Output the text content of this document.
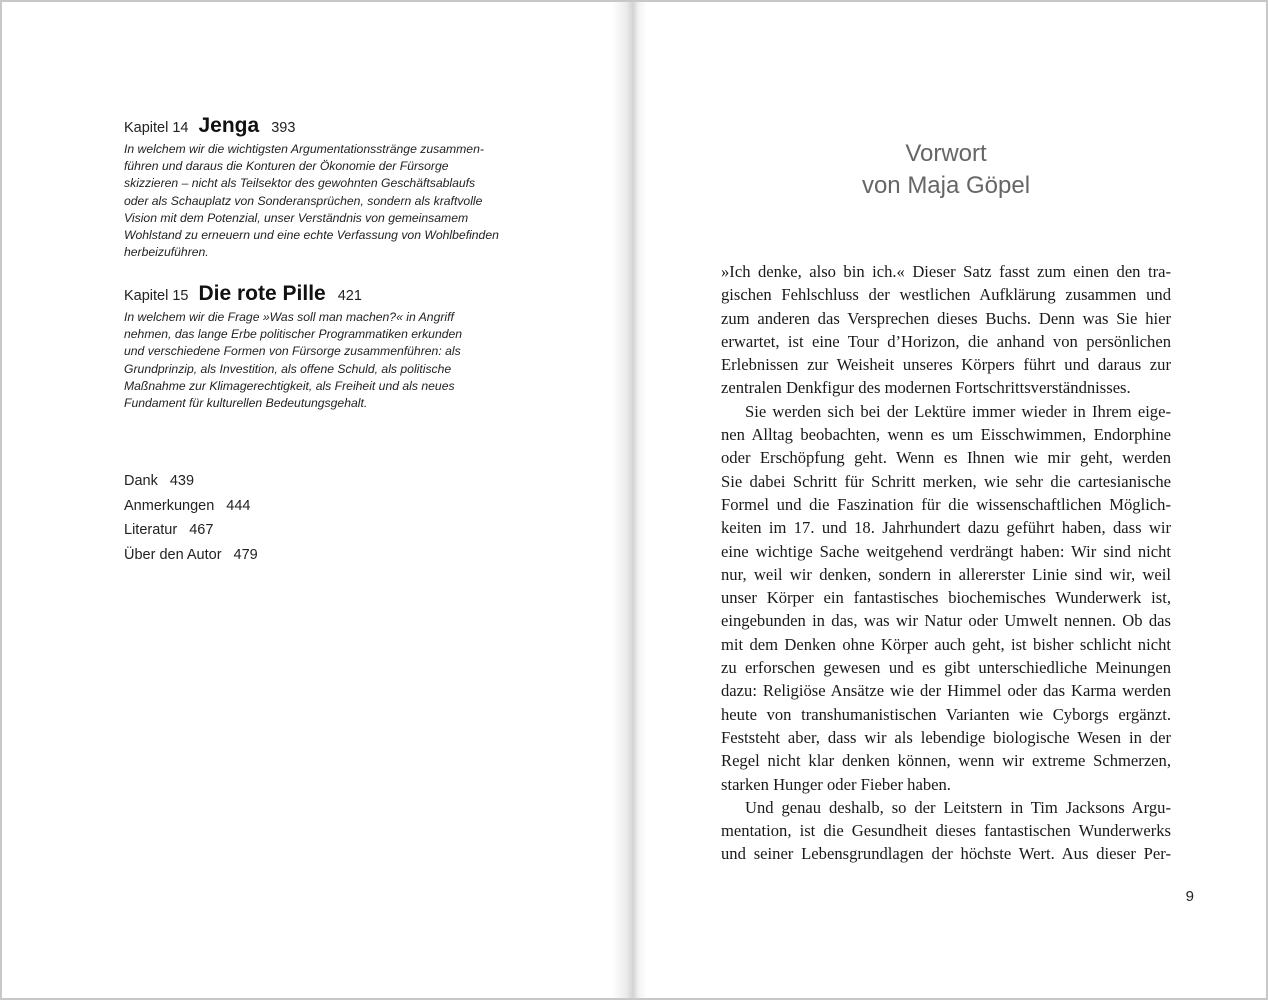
Kapitel 14 Jenga 393
In welchem wir die wichtigsten Argumentationsstränge zusammen-
führen und daraus die Konturen der Ökonomie der Fürsorge
skizzieren – nicht als Teilsektor des gewohnten Geschäftsablaufs
oder als Schauplatz von Sonderansprüchen, sondern als kraftvolle
Vision mit dem Potenzial, unser Verständnis von gemeinsamem
Wohlstand zu erneuern und eine echte Verfassung von Wohlbefinden
herbeizuführen.
Kapitel 15 Die rote Pille 421
In welchem wir die Frage »Was soll man machen?« in Angriff
nehmen, das lange Erbe politischer Programmatiken erkunden
und verschiedene Formen von Fürsorge zusammenführen: als
Grundprinzip, als Investition, als offene Schuld, als politische
Maßnahme zur Klimagerechtigkeit, als Freiheit und als neues
Fundament für kulturellen Bedeutungsgehalt.
Dank 439
Anmerkungen 444
Literatur 467
Über den Autor 479
Vorwort
von Maja Göpel
»Ich denke, also bin ich.« Dieser Satz fasst zum einen den tra-
gischen Fehlschluss der westlichen Aufklärung zusammen und
zum anderen das Versprechen dieses Buchs. Denn was Sie hier
erwartet, ist eine Tour d’Horizon, die anhand von persönlichen
Erlebnissen zur Weisheit unseres Körpers führt und daraus zur
zentralen Denkfigur des modernen Fortschrittsverständnisses.
Sie werden sich bei der Lektüre immer wieder in Ihrem eige-
nen Alltag beobachten, wenn es um Eisschwimmen, Endorphine
oder Erschöpfung geht. Wenn es Ihnen wie mir geht, werden
Sie dabei Schritt für Schritt merken, wie sehr die cartesianische
Formel und die Faszination für die wissenschaftlichen Möglich-
keiten im 17. und 18. Jahrhundert dazu geführt haben, dass wir
eine wichtige Sache weitgehend verdrängt haben: Wir sind nicht
nur, weil wir denken, sondern in allererster Linie sind wir, weil
unser Körper ein fantastisches biochemisches Wunderwerk ist,
eingebunden in das, was wir Natur oder Umwelt nennen. Ob das
mit dem Denken ohne Körper auch geht, ist bisher schlicht nicht
zu erforschen gewesen und es gibt unterschiedliche Meinungen
dazu: Religiöse Ansätze wie der Himmel oder das Karma werden
heute von transhumanistischen Varianten wie Cyborgs ergänzt.
Feststeht aber, dass wir als lebendige biologische Wesen in der
Regel nicht klar denken können, wenn wir extreme Schmerzen,
starken Hunger oder Fieber haben.
Und genau deshalb, so der Leitstern in Tim Jacksons Argu-
mentation, ist die Gesundheit dieses fantastischen Wunderwerks
und seiner Lebensgrundlagen der höchste Wert. Aus dieser Per-
9
